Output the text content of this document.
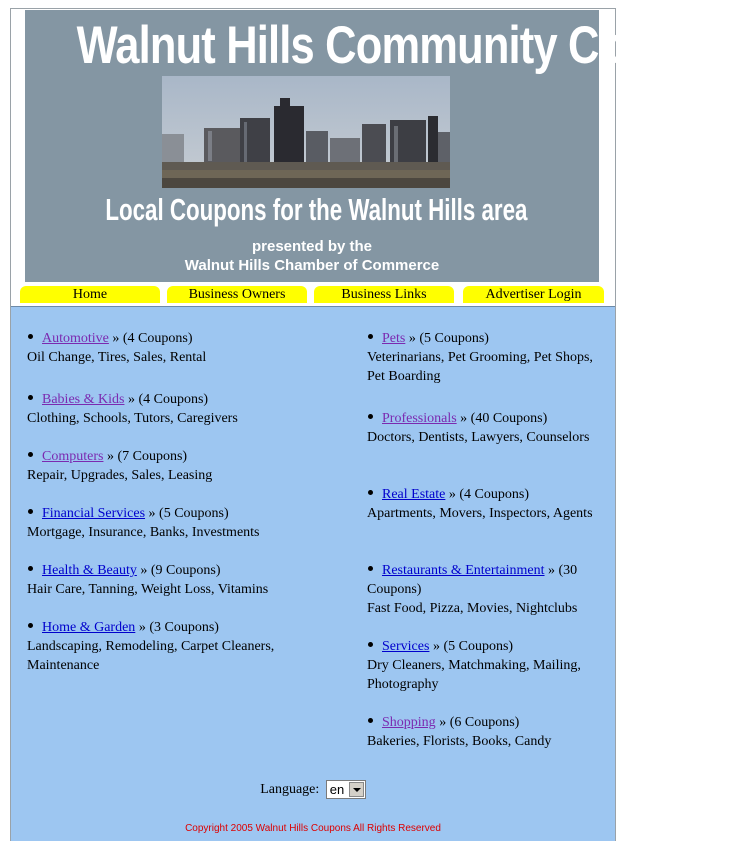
Walnut Hills Community Coupons
Local Coupons for the Walnut Hills area
presented by the
Walnut Hills Chamber of Commerce
Home	Business Owners	Business Links	Advertiser Login
Automotive » (4 Coupons)
Oil Change, Tires, Sales, Rental
Babies & Kids » (4 Coupons)
Clothing, Schools, Tutors, Caregivers
Computers » (7 Coupons)
Repair, Upgrades, Sales, Leasing
Financial Services » (5 Coupons)
Mortgage, Insurance, Banks, Investments
Health & Beauty » (9 Coupons)
Hair Care, Tanning, Weight Loss, Vitamins
Home & Garden » (3 Coupons)
Landscaping, Remodeling, Carpet Cleaners, Maintenance
Pets » (5 Coupons)
Veterinarians, Pet Grooming, Pet Shops, Pet Boarding
Professionals » (40 Coupons)
Doctors, Dentists, Lawyers, Counselors
Real Estate » (4 Coupons)
Apartments, Movers, Inspectors, Agents
Restaurants & Entertainment » (30 Coupons)
Fast Food, Pizza, Movies, Nightclubs
Services » (5 Coupons)
Dry Cleaners, Matchmaking, Mailing, Photography
Shopping » (6 Coupons)
Bakeries, Florists, Books, Candy
Language: en
Copyright 2005 Walnut Hills Coupons All Rights Reserved
